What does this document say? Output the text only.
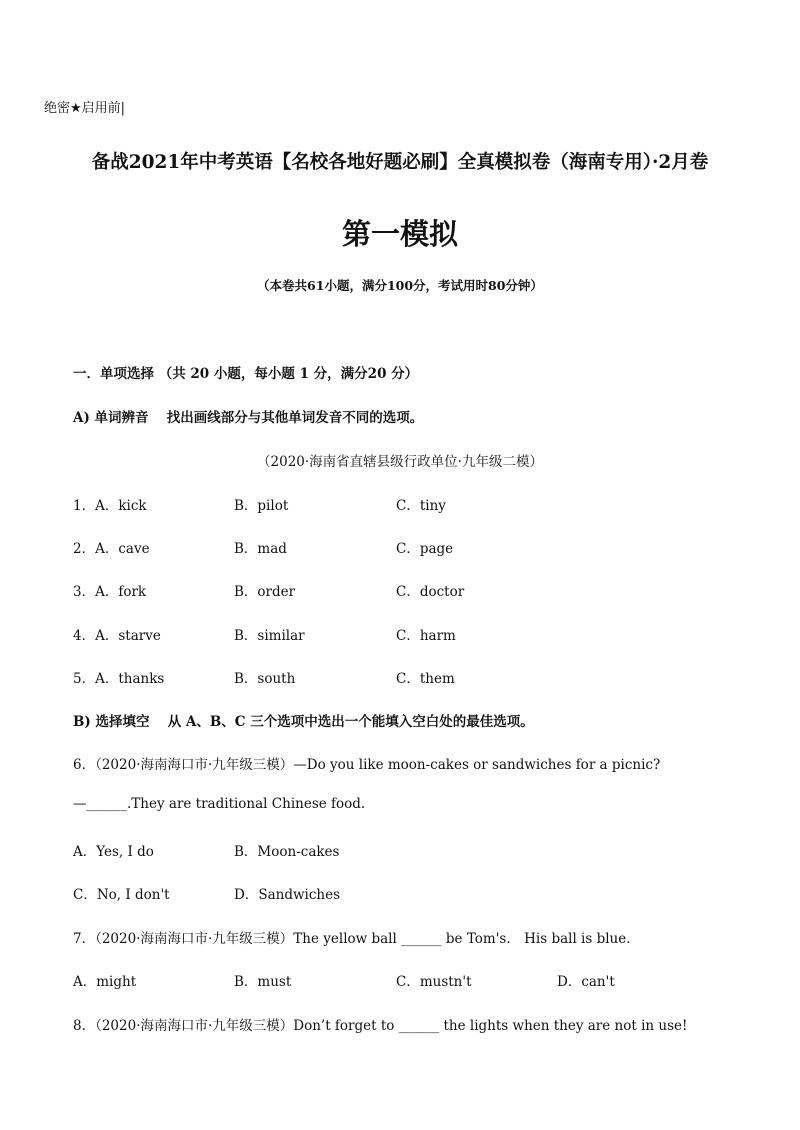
绝密★启用前|
备战2021年中考英语【名校各地好题必刷】全真模拟卷（海南专用）·2月卷
第一模拟
（本卷共61小题，满分100分，考试用时80分钟）
一．单项选择 （共 20 小题，每小题 1 分，满分20 分）
A) 单词辨音　 找出画线部分与其他单词发音不同的选项。
（2020·海南省直辖县级行政单位·九年级二模）
1．A．kick	B．pilot	C．tiny
2．A．cave	B．mad	C．page
3．A．fork	B．order	C．doctor
4．A．starve	B．similar	C．harm
5．A．thanks	B．south	C．them
B) 选择填空　 从 A、B、C 三个选项中选出一个能填入空白处的最佳选项。
6．（2020·海南海口市·九年级三模）—Do you like moon-cakes or sandwiches for a picnic?
—______.They are traditional Chinese food.
A．Yes, I do	B．Moon-cakes
C．No, I don't	D．Sandwiches
7．（2020·海南海口市·九年级三模）The yellow ball ______ be Tom's.　His ball is blue.
A．might	B．must	C．mustn't	D．can't
8．（2020·海南海口市·九年级三模）Don’t forget to ______ the lights when they are not in use!
